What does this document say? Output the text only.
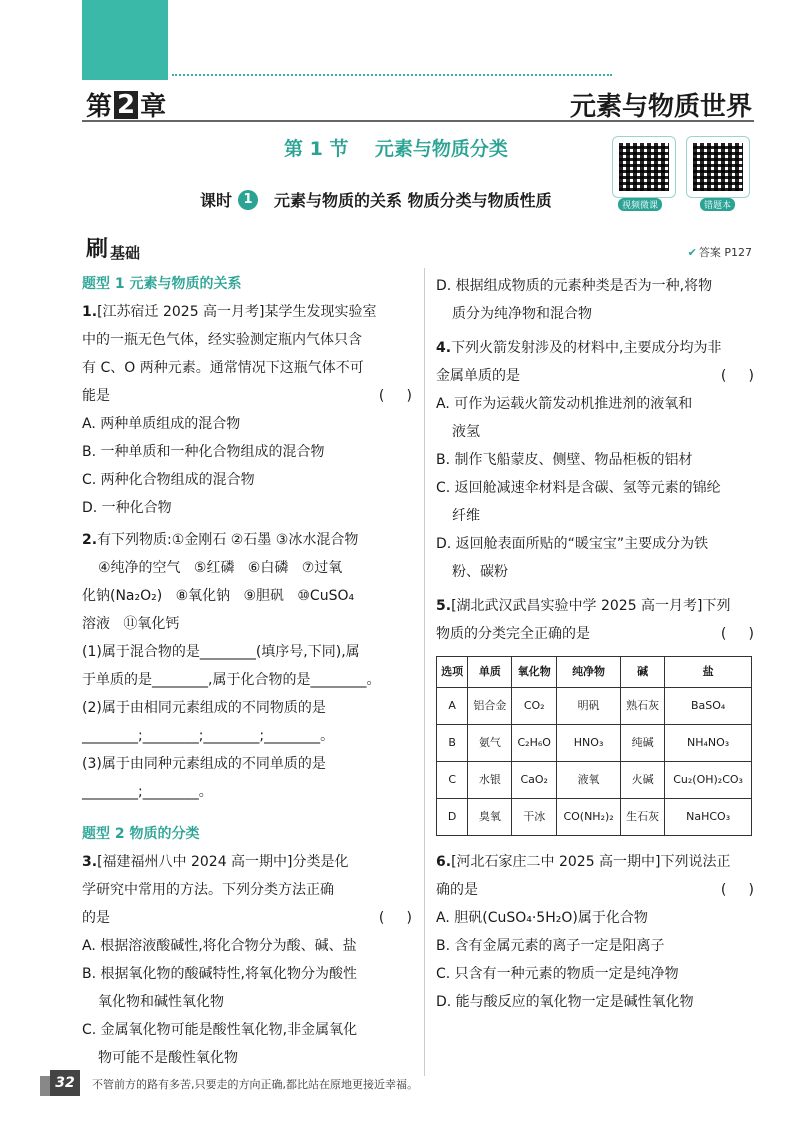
第 2 章	元素与物质世界
第 1 节    元素与物质分类
课时 1	元素与物质的关系 物质分类与物质性质	视频微课	错题本
刷 基础	✔ 答案 P127
题型 1 元素与物质的关系
1.[江苏宿迁 2025 高一月考]某学生发现实验室
中的一瓶无色气体，经实验测定瓶内气体只含
有 C、O 两种元素。通常情况下这瓶气体不可
能是	(     )
A. 两种单质组成的混合物
B. 一种单质和一种化合物组成的混合物
C. 两种化合物组成的混合物
D. 一种化合物
2.有下列物质:①金刚石 ②石墨 ③冰水混合物
④纯净的空气   ⑤红磷   ⑥白磷   ⑦过氧
化钠(Na₂O₂)   ⑧氧化钠   ⑨胆矾   ⑩CuSO₄
溶液   ⑪氧化钙
(1)属于混合物的是________(填序号,下同),属
于单质的是________,属于化合物的是________。
(2)属于由相同元素组成的不同物质的是
________;________;________;________。
(3)属于由同种元素组成的不同单质的是
________;________。
题型 2 物质的分类
3.[福建福州八中 2024 高一期中]分类是化
学研究中常用的方法。下列分类方法正确
的是	(     )
A. 根据溶液酸碱性,将化合物分为酸、碱、盐
B. 根据氧化物的酸碱特性,将氧化物分为酸性
氧化物和碱性氧化物
C. 金属氧化物可能是酸性氧化物,非金属氧化
物可能不是酸性氧化物
D. 根据组成物质的元素种类是否为一种,将物
质分为纯净物和混合物
4.下列火箭发射涉及的材料中,主要成分均为非
金属单质的是	(     )
A. 可作为运载火箭发动机推进剂的液氧和
液氢
B. 制作飞船蒙皮、侧壁、物品柜板的铝材
C. 返回舱减速伞材料是含碳、氢等元素的锦纶
纤维
D. 返回舱表面所贴的“暖宝宝”主要成分为铁
粉、碳粉
5.[湖北武汉武昌实验中学 2025 高一月考]下列
物质的分类完全正确的是	(     )
选项	单质	氧化物	纯净物	碱	盐
A	铝合金	CO₂	明矾	熟石灰	BaSO₄
B	氨气	C₂H₆O	HNO₃	纯碱	NH₄NO₃
C	水银	CaO₂	液氧	火碱	Cu₂(OH)₂CO₃
D	臭氧	干冰	CO(NH₂)₂	生石灰	NaHCO₃
6.[河北石家庄二中 2025 高一期中]下列说法正
确的是	(     )
A. 胆矾(CuSO₄·5H₂O)属于化合物
B. 含有金属元素的离子一定是阳离子
C. 只含有一种元素的物质一定是纯净物
D. 能与酸反应的氧化物一定是碱性氧化物
32	不管前方的路有多苦,只要走的方向正确,都比站在原地更接近幸福。
